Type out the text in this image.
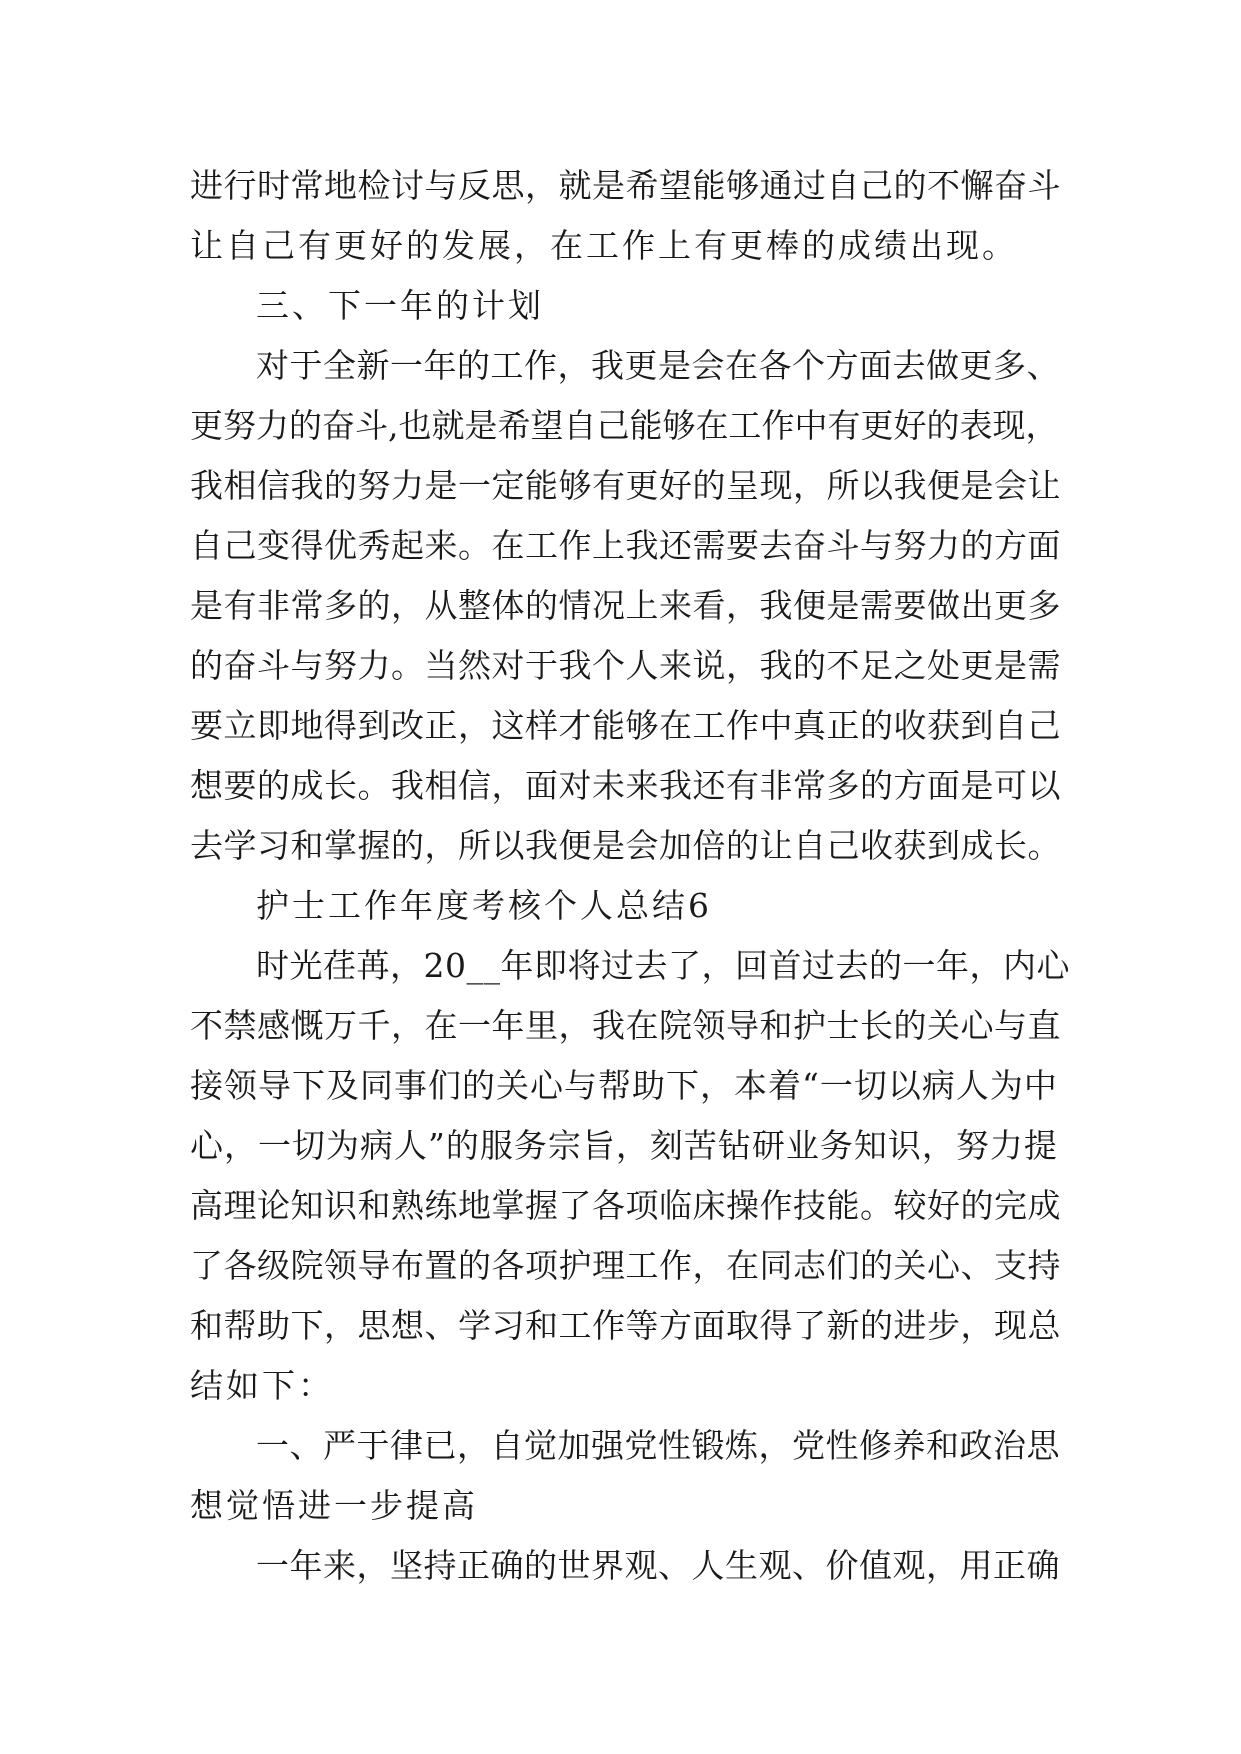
进行时常地检讨与反思，就是希望能够通过自己的不懈奋斗
让自己有更好的发展，在工作上有更棒的成绩出现。
三、下一年的计划
对于全新一年的工作，我更是会在各个方面去做更多、
更努力的奋斗,也就是希望自己能够在工作中有更好的表现，
我相信我的努力是一定能够有更好的呈现，所以我便是会让
自己变得优秀起来。在工作上我还需要去奋斗与努力的方面
是有非常多的，从整体的情况上来看，我便是需要做出更多
的奋斗与努力。当然对于我个人来说，我的不足之处更是需
要立即地得到改正，这样才能够在工作中真正的收获到自己
想要的成长。我相信，面对未来我还有非常多的方面是可以
去学习和掌握的，所以我便是会加倍的让自己收获到成长。
护士工作年度考核个人总结6
时光荏苒，20__年即将过去了，回首过去的一年，内心
不禁感慨万千，在一年里，我在院领导和护士长的关心与直
接领导下及同事们的关心与帮助下，本着“一切以病人为中
心，一切为病人”的服务宗旨，刻苦钻研业务知识，努力提
高理论知识和熟练地掌握了各项临床操作技能。较好的完成
了各级院领导布置的各项护理工作，在同志们的关心、支持
和帮助下，思想、学习和工作等方面取得了新的进步，现总
结如下：
一、严于律已，自觉加强党性锻炼，党性修养和政治思
想觉悟进一步提高
一年来，坚持正确的世界观、人生观、价值观，用正确
